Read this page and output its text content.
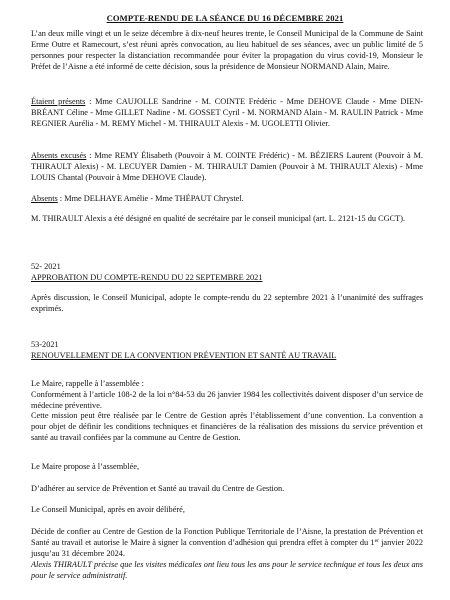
COMPTE-RENDU DE LA SÉANCE DU 16 DÉCEMBRE 2021

L’an deux mille vingt et un le seize décembre à dix-neuf heures trente, le Conseil Municipal de la Commune de Saint Erme Outre et Ramecourt, s’est réuni après convocation, au lieu habituel de ses séances, avec un public limité de 5 personnes pour respecter la distanciation recommandée pour éviter la propagation du virus covid-19, Monsieur le Préfet de l’Aisne a été informé de cette décision, sous la présidence de Monsieur NORMAND Alain, Maire.

Étaient présents : Mme CAUJOLLE Sandrine - M. COINTE Frédéric - Mme DEHOVE Claude - Mme DIEN-BRÉANT Céline - Mme GILLET Nadine - M. GOSSET Cyril - M. NORMAND Alain - M. RAULIN Patrick - Mme REGNIER Aurélia - M. REMY Michel - M. THIRAULT Alexis - M. UGOLETTI Olivier.

Absents excusés : Mme REMY Élisabeth (Pouvoir à M. COINTE Frédéric) - M. BÉZIERS Laurent (Pouvoir à M. THIRAULT Alexis) - M. LECUYER Damien - M. THIRAULT Damien (Pouvoir à M. THIRAULT Alexis) - Mme LOUIS Chantal (Pouvoir à Mme DEHOVE Claude).

Absents : Mme DELHAYE Amélie - Mme THÉPAUT Chrystel.

M. THIRAULT Alexis a été désigné en qualité de secrétaire par le conseil municipal (art. L. 2121-15 du CGCT).

52- 2021

APPROBATION DU COMPTE-RENDU DU 22 SEPTEMBRE 2021

Après discussion, le Conseil Municipal, adopte le compte-rendu du 22 septembre 2021 à l’unanimité des suffrages exprimés.

53-2021

RENOUVELLEMENT DE LA CONVENTION PRÉVENTION ET SANTÉ AU TRAVAIL

Le Maire, rappelle à l’assemblée :

Conformément à l’article 108-2 de la loi n°84-53 du 26 janvier 1984 les collectivités doivent disposer d’un service de médecine préventive.

Cette mission peut être réalisée par le Centre de Gestion après l’établissement d’une convention. La convention a pour objet de définir les conditions techniques et financières de la réalisation des missions du service prévention et santé au travail confiées par la commune au Centre de Gestion.

Le Maire propose à l’assemblée,

D’adhérer au service de Prévention et Santé au travail du Centre de Gestion.

Le Conseil Municipal, après en avoir délibéré,

Décide de confier au Centre de Gestion de la Fonction Publique Territoriale de l’Aisne, la prestation de Prévention et Santé au travail et autorise le Maire à signer la convention d’adhésion qui prendra effet à compter du 1er janvier 2022 jusqu’au 31 décembre 2024.

Alexis THIRAULT précise que les visites médicales ont lieu tous les ans pour le service technique et tous les deux ans pour le service administratif.
